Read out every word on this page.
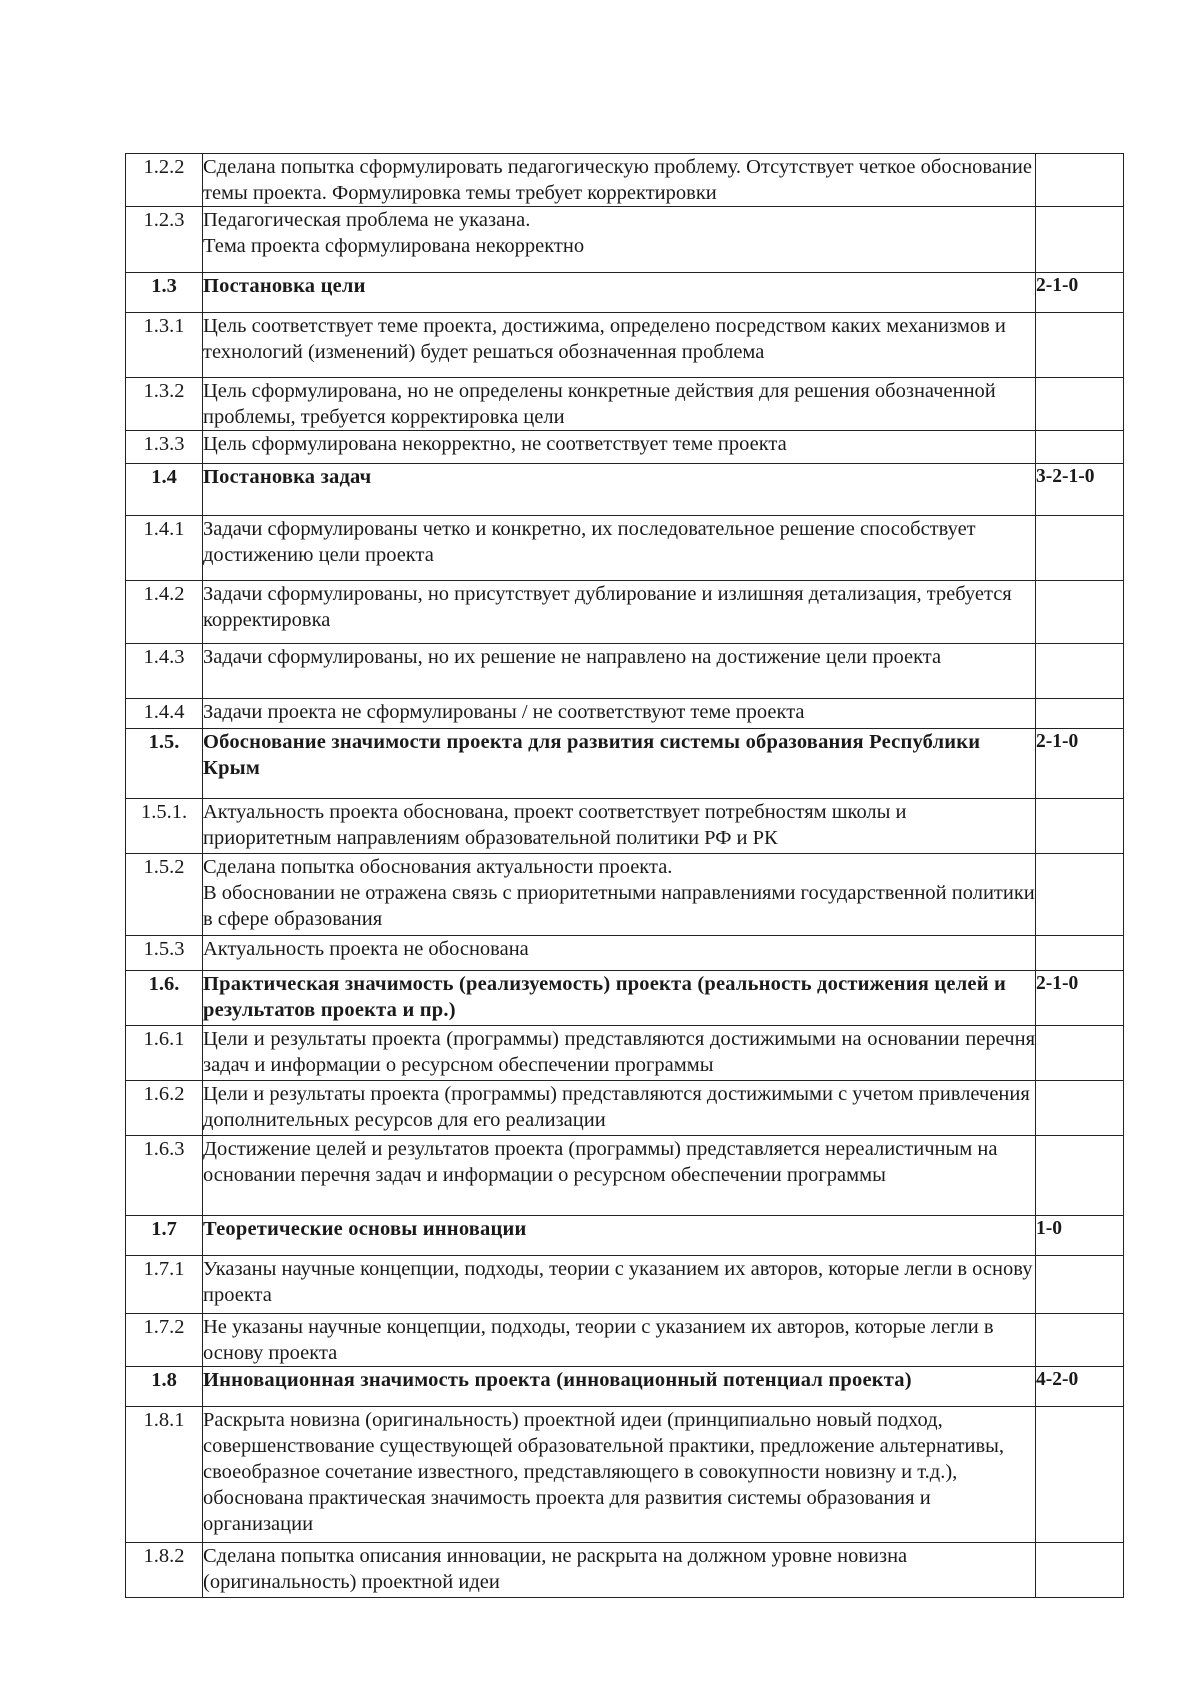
1.2.2	Сделана попытка сформулировать педагогическую проблему. Отсутствует четкое обоснование темы проекта. Формулировка темы требует корректировки	
1.2.3	Педагогическая проблема не указана.
Тема проекта сформулирована некорректно	
1.3	Постановка цели	2-1-0
1.3.1	Цель соответствует теме проекта, достижима, определено посредством каких механизмов и технологий (изменений) будет решаться обозначенная проблема	
1.3.2	Цель сформулирована, но не определены конкретные действия для решения обозначенной проблемы, требуется корректировка цели	
1.3.3	Цель сформулирована некорректно, не соответствует теме проекта	
1.4	Постановка задач	3-2-1-0
1.4.1	Задачи сформулированы четко и конкретно, их последовательное решение способствует достижению цели проекта	
1.4.2	Задачи сформулированы, но присутствует дублирование и излишняя детализация, требуется корректировка	
1.4.3	Задачи сформулированы, но их решение не направлено на достижение цели проекта	
1.4.4	Задачи проекта не сформулированы / не соответствуют теме проекта	
1.5.	Обоснование значимости проекта для развития системы образования Республики Крым	2-1-0
1.5.1.	Актуальность проекта обоснована, проект соответствует потребностям школы и приоритетным направлениям образовательной политики РФ и РК	
1.5.2	Сделана попытка обоснования актуальности проекта.
В обосновании не отражена связь с приоритетными направлениями государственной политики в сфере образования	
1.5.3	Актуальность проекта не обоснована	
1.6.	Практическая значимость (реализуемость) проекта (реальность достижения целей и результатов проекта и пр.)	2-1-0
1.6.1	Цели и результаты проекта (программы) представляются достижимыми на основании перечня задач и информации о ресурсном обеспечении программы	
1.6.2	Цели и результаты проекта (программы) представляются достижимыми с учетом привлечения дополнительных ресурсов для его реализации	
1.6.3	Достижение целей и результатов проекта (программы) представляется нереалистичным на основании перечня задач и информации о ресурсном обеспечении программы	
1.7	Теоретические основы инновации	1-0
1.7.1	Указаны научные концепции, подходы, теории с указанием их авторов, которые легли в основу проекта	
1.7.2	Не указаны научные концепции, подходы, теории с указанием их авторов, которые легли в основу проекта	
1.8	Инновационная значимость проекта (инновационный потенциал проекта)	4-2-0
1.8.1	Раскрыта новизна (оригинальность) проектной идеи (принципиально новый подход, совершенствование существующей образовательной практики, предложение альтернативы, своеобразное сочетание известного, представляющего в совокупности новизну и т.д.), обоснована практическая значимость проекта для развития системы образования и организации	
1.8.2	Сделана попытка описания инновации, не раскрыта на должном уровне новизна (оригинальность) проектной идеи	
